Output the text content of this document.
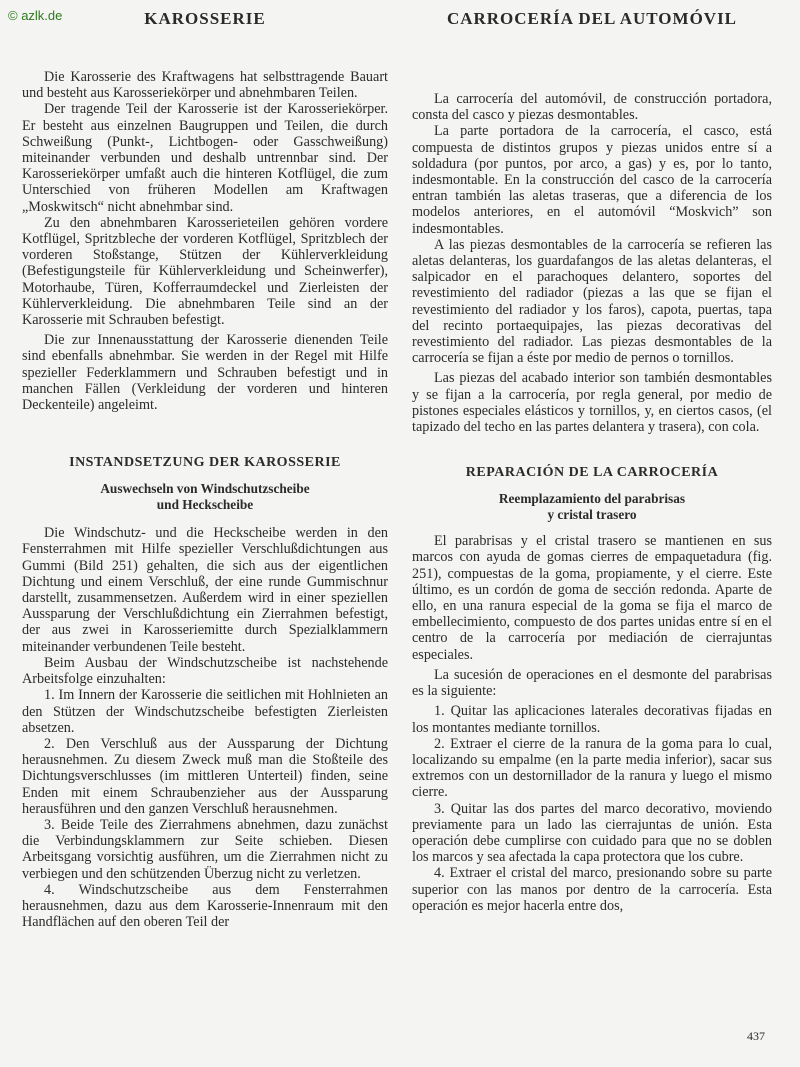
© azlk.de	KAROSSERIE

Die Karosserie des Kraftwagens hat selbsttragende Bauart und besteht aus Karosseriekörper und abnehmbaren Teilen.

Der tragende Teil der Karosserie ist der Karosseriekörper. Er besteht aus einzelnen Baugruppen und Teilen, die durch Schweißung (Punkt-, Lichtbogen- oder Gasschweißung) miteinander verbunden und deshalb untrennbar sind. Der Karosseriekörper umfaßt auch die hinteren Kotflügel, die zum Unterschied von früheren Modellen am Kraftwagen „Moskwitsch“ nicht abnehmbar sind.

Zu den abnehmbaren Karosserieteilen gehören vordere Kotflügel, Spritzbleche der vorderen Kotflügel, Spritzblech der vorderen Stoßstange, Stützen der Kühlerverkleidung (Befestigungsteile für Kühlerverkleidung und Scheinwerfer), Motorhaube, Türen, Kofferraumdeckel und Zierleisten der Kühlerverkleidung. Die abnehmbaren Teile sind an der Karosserie mit Schrauben befestigt.

Die zur Innenausstattung der Karosserie dienenden Teile sind ebenfalls abnehmbar. Sie werden in der Regel mit Hilfe spezieller Federklammern und Schrauben befestigt und in manchen Fällen (Verkleidung der vorderen und hinteren Deckenteile) angeleimt.

INSTANDSETZUNG DER KAROSSERIE
Auswechseln von Windschutzscheibe
und Heckscheibe

Die Windschutz- und die Heckscheibe werden in den Fensterrahmen mit Hilfe spezieller Verschlußdichtungen aus Gummi (Bild 251) gehalten, die sich aus der eigentlichen Dichtung und einem Verschluß, der eine runde Gummischnur darstellt, zusammensetzen. Außerdem wird in einer speziellen Aussparung der Verschlußdichtung ein Zierrahmen befestigt, der aus zwei in Karosseriemitte durch Spezialklammern miteinander verbundenen Teile besteht.

Beim Ausbau der Windschutzscheibe ist nachstehende Arbeitsfolge einzuhalten:

1. Im Innern der Karosserie die seitlichen mit Hohlnieten an den Stützen der Windschutzscheibe befestigten Zierleisten absetzen.

2. Den Verschluß aus der Aussparung der Dichtung herausnehmen. Zu diesem Zweck muß man die Stoßteile des Dichtungsverschlusses (im mittleren Unterteil) finden, seine Enden mit einem Schraubenzieher aus der Aussparung herausführen und den ganzen Verschluß herausnehmen.

3. Beide Teile des Zierrahmens abnehmen, dazu zunächst die Verbindungsklammern zur Seite schieben. Diesen Arbeitsgang vorsichtig ausführen, um die Zierrahmen nicht zu verbiegen und den schützenden Überzug nicht zu verletzen.

4. Windschutzscheibe aus dem Fensterrahmen herausnehmen, dazu aus dem Karosserie-Innenraum mit den Handflächen auf den oberen Teil der

CARROCERÍA DEL AUTOMÓVIL

La carrocería del automóvil, de construcción portadora, consta del casco y piezas desmontables.

La parte portadora de la carrocería, el casco, está compuesta de distintos grupos y piezas unidos entre sí a soldadura (por puntos, por arco, a gas) y es, por lo tanto, indesmontable. En la construcción del casco de la carrocería entran también las aletas traseras, que a diferencia de los modelos anteriores, en el automóvil “Moskvich” son indesmontables.

A las piezas desmontables de la carrocería se refieren las aletas delanteras, los guardafangos de las aletas delanteras, el salpicador en el parachoques delantero, soportes del revestimiento del radiador (piezas a las que se fijan el revestimiento del radiador y los faros), capota, puertas, tapa del recinto portaequipajes, las piezas decorativas del revestimiento del radiador. Las piezas desmontables de la carrocería se fijan a éste por medio de pernos o tornillos.

Las piezas del acabado interior son también desmontables y se fijan a la carrocería, por regla general, por medio de pistones especiales elásticos y tornillos, y, en ciertos casos, (el tapizado del techo en las partes delantera y trasera), con cola.

REPARACIÓN DE LA CARROCERÍA
Reemplazamiento del parabrisas
y cristal trasero

El parabrisas y el cristal trasero se mantienen en sus marcos con ayuda de gomas cierres de empaquetadura (fig. 251), compuestas de la goma, propiamente, y el cierre. Este último, es un cordón de goma de sección redonda. Aparte de ello, en una ranura especial de la goma se fija el marco de embellecimiento, compuesto de dos partes unidas entre sí en el centro de la carrocería por mediación de cierrajuntas especiales.

La sucesión de operaciones en el desmonte del parabrisas es la siguiente:

1. Quitar las aplicaciones laterales decorativas fijadas en los montantes mediante tornillos.

2. Extraer el cierre de la ranura de la goma para lo cual, localizando su empalme (en la parte media inferior), sacar sus extremos con un destornillador de la ranura y luego el mismo cierre.

3. Quitar las dos partes del marco decorativo, moviendo previamente para un lado las cierrajuntas de unión. Esta operación debe cumplirse con cuidado para que no se doblen los marcos y sea afectada la capa protectora que los cubre.

4. Extraer el cristal del marco, presionando sobre su parte superior con las manos por dentro de la carrocería. Esta operación es mejor hacerla entre dos,

437
